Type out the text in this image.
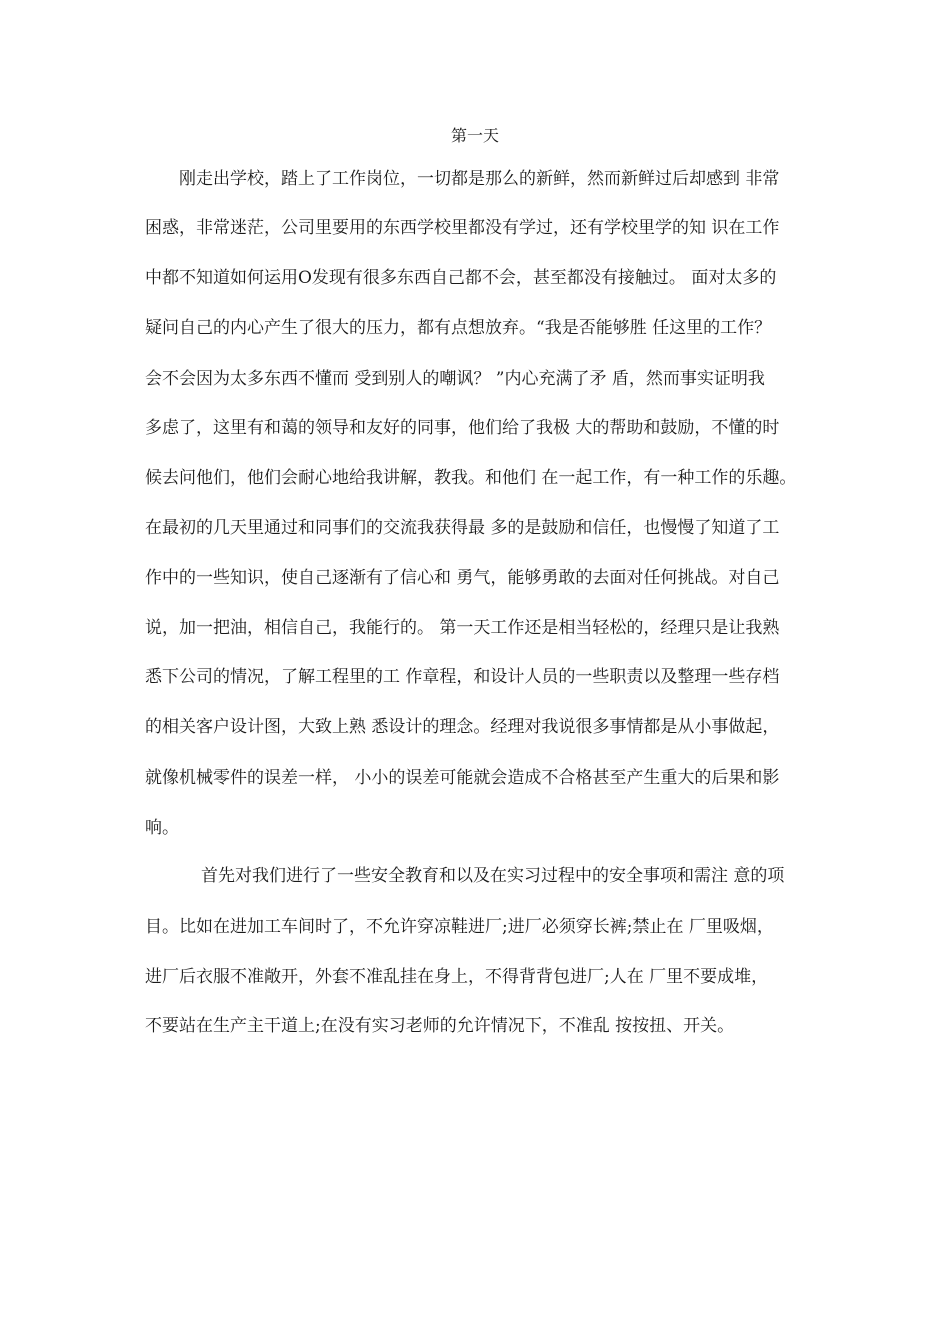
第一天

刚走出学校，踏上了工作岗位，一切都是那么的新鲜，然而新鲜过后却感到 非常

困惑，非常迷茫，公司里要用的东西学校里都没有学过，还有学校里学的知 识在工作

中都不知道如何运用O发现有很多东西自己都不会，甚至都没有接触过。 面对太多的

疑问自己的内心产生了很大的压力，都有点想放弃。“我是否能够胜 任这里的工作？

会不会因为太多东西不懂而 受到别人的嘲讽？ ”内心充满了矛 盾，然而事实证明我

多虑了，这里有和蔼的领导和友好的同事，他们给了我极 大的帮助和鼓励，不懂的时

候去问他们，他们会耐心地给我讲解，教我。和他们 在一起工作，有一种工作的乐趣。

在最初的几天里通过和同事们的交流我获得最 多的是鼓励和信任，也慢慢了知道了工

作中的一些知识，使自己逐渐有了信心和 勇气，能够勇敢的去面对任何挑战。对自己

说，加一把油，相信自己，我能行的。 第一天工作还是相当轻松的，经理只是让我熟

悉下公司的情况，了解工程里的工 作章程，和设计人员的一些职责以及整理一些存档

的相关客户设计图，大致上熟 悉设计的理念。经理对我说很多事情都是从小事做起，

就像机械零件的误差一样， 小小的误差可能就会造成不合格甚至产生重大的后果和影

响。

首先对我们进行了一些安全教育和以及在实习过程中的安全事项和需注 意的项

目。比如在进加工车间时了，不允许穿凉鞋进厂;进厂必须穿长裤;禁止在 厂里吸烟，

进厂后衣服不准敞开，外套不准乱挂在身上，不得背背包进厂;人在 厂里不要成堆，

不要站在生产主干道上;在没有实习老师的允许情况下，不准乱 按按扭、开关。
